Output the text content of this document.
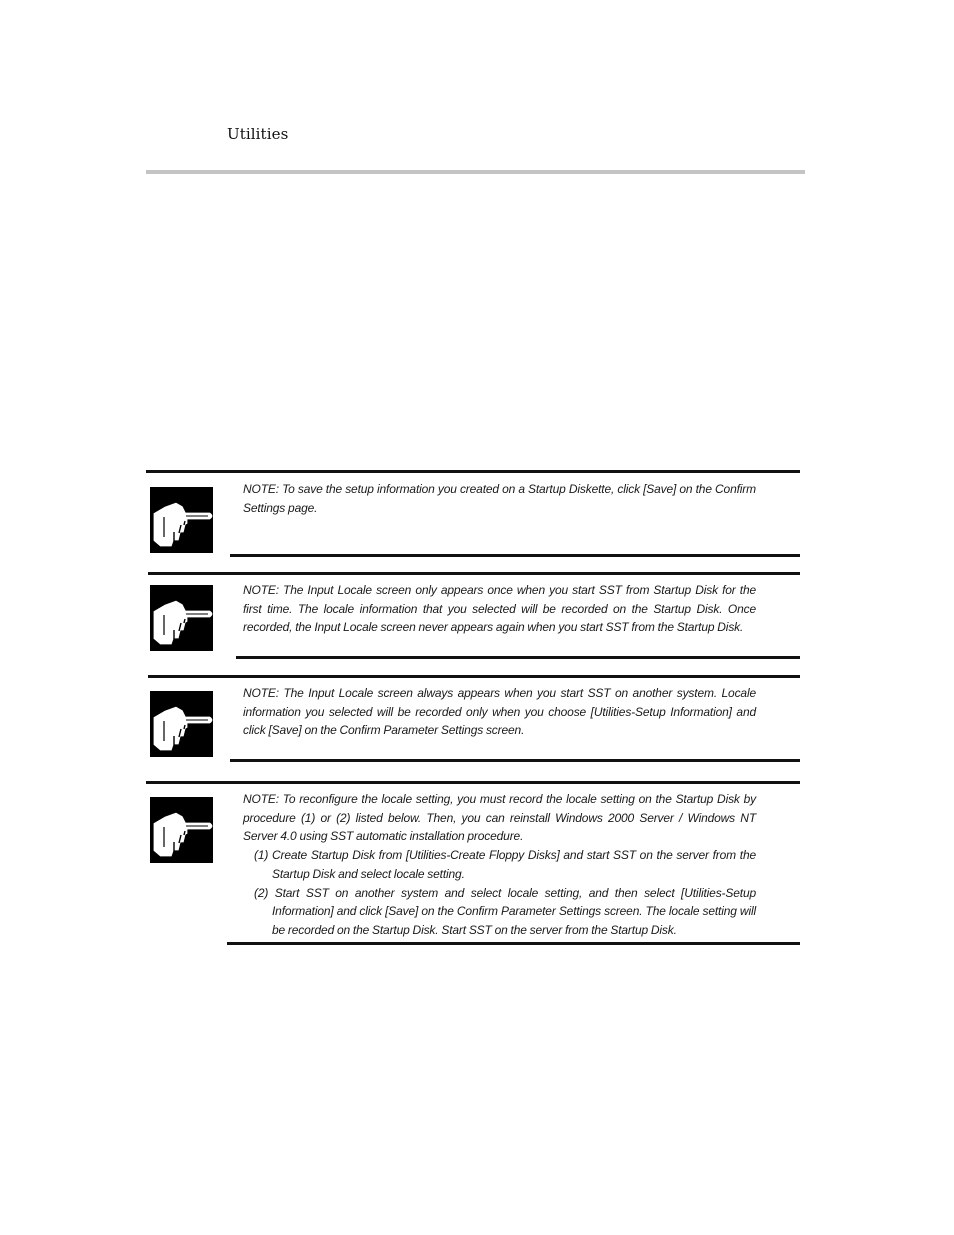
Utilities
NOTE: To save the setup information you created on a Startup Diskette, click [Save] on the Confirm Settings page.
NOTE: The Input Locale screen only appears once when you start SST from Startup Disk for the first time. The locale information that you selected will be recorded on the Startup Disk. Once recorded, the Input Locale screen never appears again when you start SST from the Startup Disk.
NOTE: The Input Locale screen always appears when you start SST on another system. Locale information you selected will be recorded only when you choose [Utilities-Setup Information] and click [Save] on the Confirm Parameter Settings screen.
NOTE: To reconfigure the locale setting, you must record the locale setting on the Startup Disk by procedure (1) or (2) listed below. Then, you can reinstall Windows 2000 Server / Windows NT Server 4.0 using SST automatic installation procedure.
(1) Create Startup Disk from [Utilities-Create Floppy Disks] and start SST on the server from the Startup Disk and select locale setting.
(2) Start SST on another system and select locale setting, and then select [Utilities-Setup Information] and click [Save] on the Confirm Parameter Settings screen. The locale setting will be recorded on the Startup Disk. Start SST on the server from the Startup Disk.
